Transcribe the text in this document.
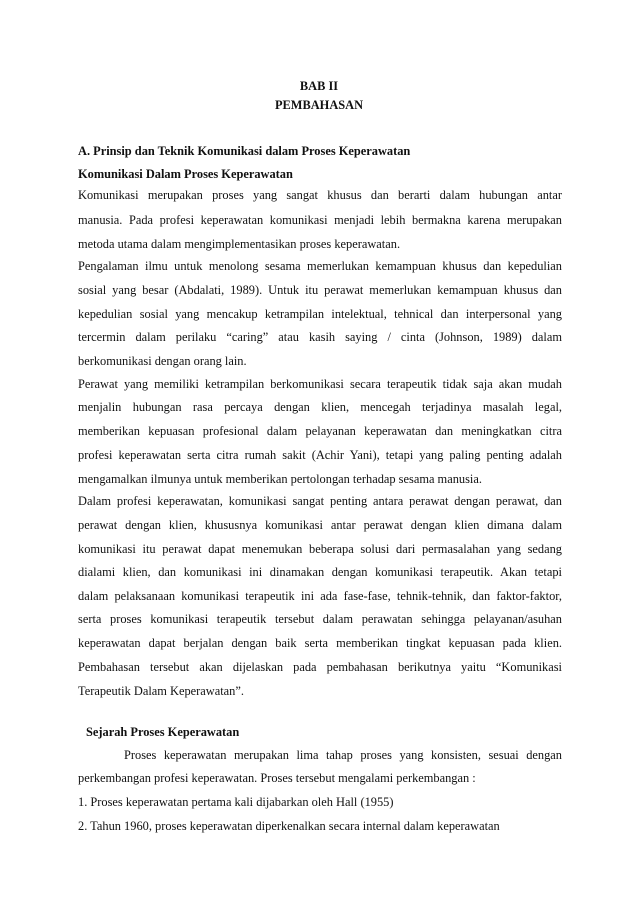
BAB II
PEMBAHASAN
A. Prinsip dan Teknik Komunikasi dalam Proses Keperawatan
Komunikasi Dalam Proses Keperawatan
Komunikasi merupakan proses yang sangat khusus dan berarti dalam hubungan antar
manusia. Pada profesi keperawatan komunikasi menjadi lebih bermakna karena merupakan
metoda utama dalam mengimplementasikan proses keperawatan.
Pengalaman ilmu untuk menolong sesama memerlukan kemampuan khusus dan kepedulian
sosial yang besar (Abdalati, 1989). Untuk itu perawat memerlukan kemampuan khusus dan
kepedulian sosial yang mencakup ketrampilan intelektual, tehnical dan interpersonal yang
tercermin dalam perilaku “caring” atau kasih saying / cinta (Johnson, 1989) dalam
berkomunikasi dengan orang lain.
Perawat yang memiliki ketrampilan berkomunikasi secara terapeutik tidak saja akan mudah
menjalin hubungan rasa percaya dengan klien, mencegah terjadinya masalah legal,
memberikan kepuasan profesional dalam pelayanan keperawatan dan meningkatkan citra
profesi keperawatan serta citra rumah sakit (Achir Yani), tetapi yang paling penting adalah
mengamalkan ilmunya untuk memberikan pertolongan terhadap sesama manusia.
Dalam profesi keperawatan, komunikasi sangat penting antara perawat dengan perawat, dan
perawat dengan klien, khususnya komunikasi antar perawat dengan klien dimana dalam
komunikasi itu perawat dapat menemukan beberapa solusi dari permasalahan yang sedang
dialami klien, dan komunikasi ini dinamakan dengan komunikasi terapeutik. Akan tetapi
dalam pelaksanaan komunikasi terapeutik ini ada fase-fase, tehnik-tehnik, dan faktor-faktor,
serta proses komunikasi terapeutik tersebut dalam perawatan sehingga pelayanan/asuhan
keperawatan dapat berjalan dengan baik serta memberikan tingkat kepuasan pada klien.
Pembahasan tersebut akan dijelaskan pada pembahasan berikutnya yaitu “Komunikasi
Terapeutik Dalam Keperawatan”.
Sejarah Proses Keperawatan
Proses keperawatan merupakan lima tahap proses yang konsisten, sesuai dengan
perkembangan profesi keperawatan. Proses tersebut mengalami perkembangan :
1. Proses keperawatan pertama kali dijabarkan oleh Hall (1955)
2. Tahun 1960, proses keperawatan diperkenalkan secara internal dalam keperawatan
